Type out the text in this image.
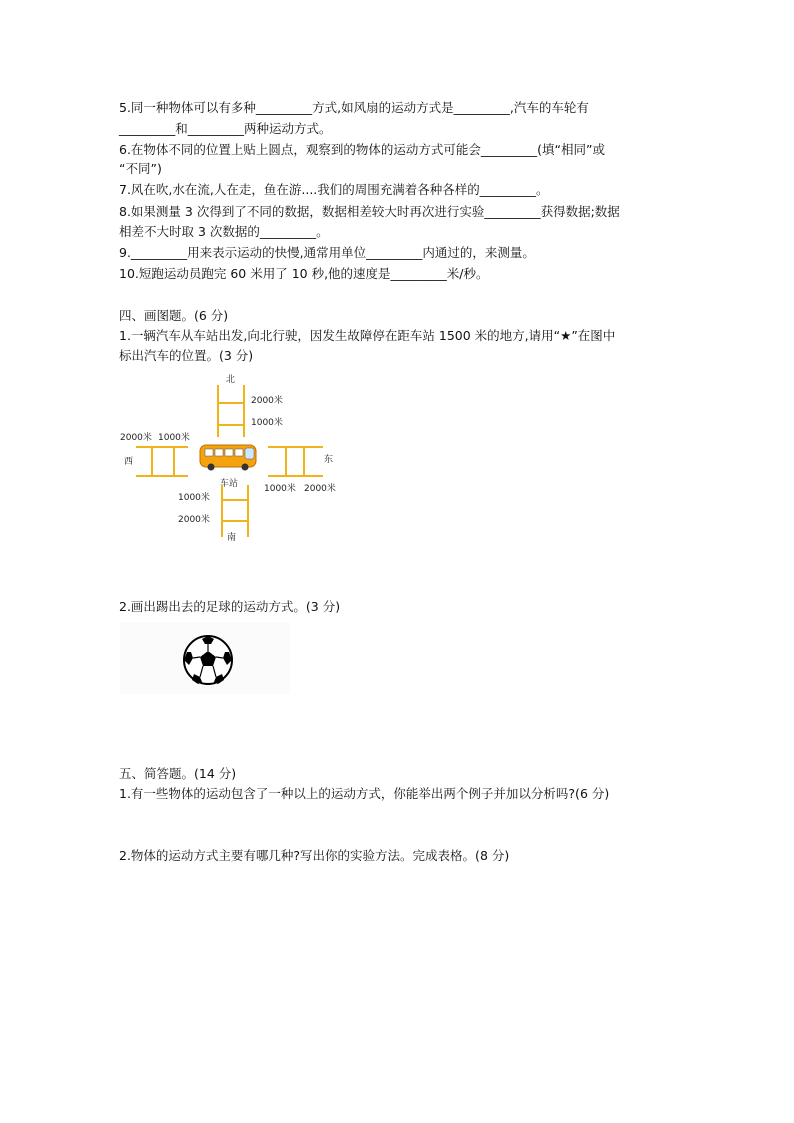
5.同一种物体可以有多种_________方式,如风扇的运动方式是_________,汽车的车轮有
_________和_________两种运动方式。
6.在物体不同的位置上贴上圆点，观察到的物体的运动方式可能会_________(填“相同”或
“不同”)
7.风在吹,水在流,人在走，鱼在游....我们的周围充满着各种各样的_________。
8.如果测量 3 次得到了不同的数据，数据相差较大时再次进行实验_________获得数据;数据
相差不大时取 3 次数据的_________。
9._________用来表示运动的快慢,通常用单位_________内通过的，来测量。
10.短跑运动员跑完 60 米用了 10 秒,他的速度是_________米/秒。
四、画图题。(6 分)
1.一辆汽车从车站出发,向北行驶，因发生故障停在距车站 1500 米的地方,请用“★”在图中
标出汽车的位置。(3 分)
北
2000米
1000米
2000米 1000米
西	东
车站	1000米 2000米
1000米
2000米
南
2.画出踢出去的足球的运动方式。(3 分)
五、简答题。(14 分)
1.有一些物体的运动包含了一种以上的运动方式，你能举出两个例子并加以分析吗?(6 分)
2.物体的运动方式主要有哪几种?写出你的实验方法。完成表格。(8 分)
